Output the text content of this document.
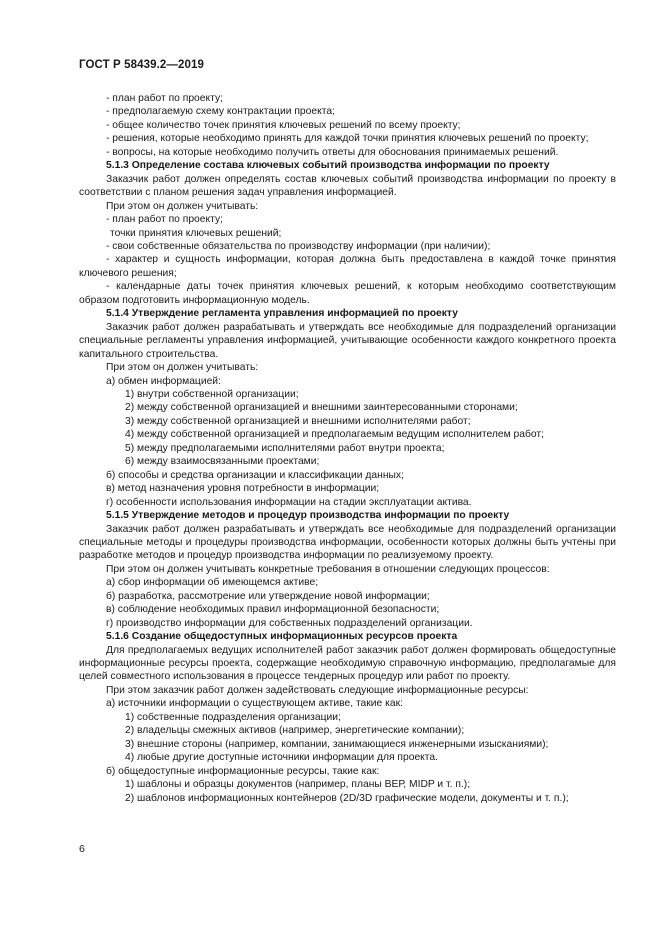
ГОСТ Р 58439.2—2019

- план работ по проекту;

- предполагаемую схему контрактации проекта;

- общее количество точек принятия ключевых решений по всему проекту;

- решения, которые необходимо принять для каждой точки принятия ключевых решений по проекту;

- вопросы, на которые необходимо получить ответы для обоснования принимаемых решений.

5.1.3 Определение состава ключевых событий производства информации по проекту

Заказчик работ должен определять состав ключевых событий производства информации по проекту в соответствии с планом решения задач управления информацией.

При этом он должен учитывать:

- план работ по проекту;

точки принятия ключевых решений;

- свои собственные обязательства по производству информации (при наличии);

- характер и сущность информации, которая должна быть предоставлена в каждой точке принятия ключевого решения;

- календарные даты точек принятия ключевых решений, к которым необходимо соответствующим образом подготовить информационную модель.

5.1.4 Утверждение регламента управления информацией по проекту

Заказчик работ должен разрабатывать и утверждать все необходимые для подразделений организации специальные регламенты управления информацией, учитывающие особенности каждого конкретного проекта капитального строительства.

При этом он должен учитывать:

а) обмен информацией:

1) внутри собственной организации;

2) между собственной организацией и внешними заинтересованными сторонами;

3) между собственной организацией и внешними исполнителями работ;

4) между собственной организацией и предполагаемым ведущим исполнителем работ;

5) между предполагаемыми исполнителями работ внутри проекта;

6) между взаимосвязанными проектами;

б) способы и средства организации и классификации данных;

в) метод назначения уровня потребности в информации;

г) особенности использования информации на стадии эксплуатации актива.

5.1.5 Утверждение методов и процедур производства информации по проекту

Заказчик работ должен разрабатывать и утверждать все необходимые для подразделений организации специальные методы и процедуры производства информации, особенности которых должны быть учтены при разработке методов и процедур производства информации по реализуемому проекту.

При этом он должен учитывать конкретные требования в отношении следующих процессов:

а) сбор информации об имеющемся активе;

б) разработка, рассмотрение или утверждение новой информации;

в) соблюдение необходимых правил информационной безопасности;

г) производство информации для собственных подразделений организации.

5.1.6 Создание общедоступных информационных ресурсов проекта

Для предполагаемых ведущих исполнителей работ заказчик работ должен формировать общедоступные информационные ресурсы проекта, содержащие необходимую справочную информацию, предполагамые для целей совместного использования в процессе тендерных процедур или работ по проекту.

При этом заказчик работ должен задействовать следующие информационные ресурсы:

а) источники информации о существующем активе, такие как:

1) собственные подразделения организации;

2) владельцы смежных активов (например, энергетические компании);

3) внешние стороны (например, компании, занимающиеся инженерными изысканиями);

4) любые другие доступные источники информации для проекта.

б) общедоступные информационные ресурсы, такие как:

1) шаблоны и образцы документов (например, планы ВЕР, MIDP и т. п.);

2) шаблонов информационных контейнеров (2D/3D графические модели, документы и т. п.);

6
